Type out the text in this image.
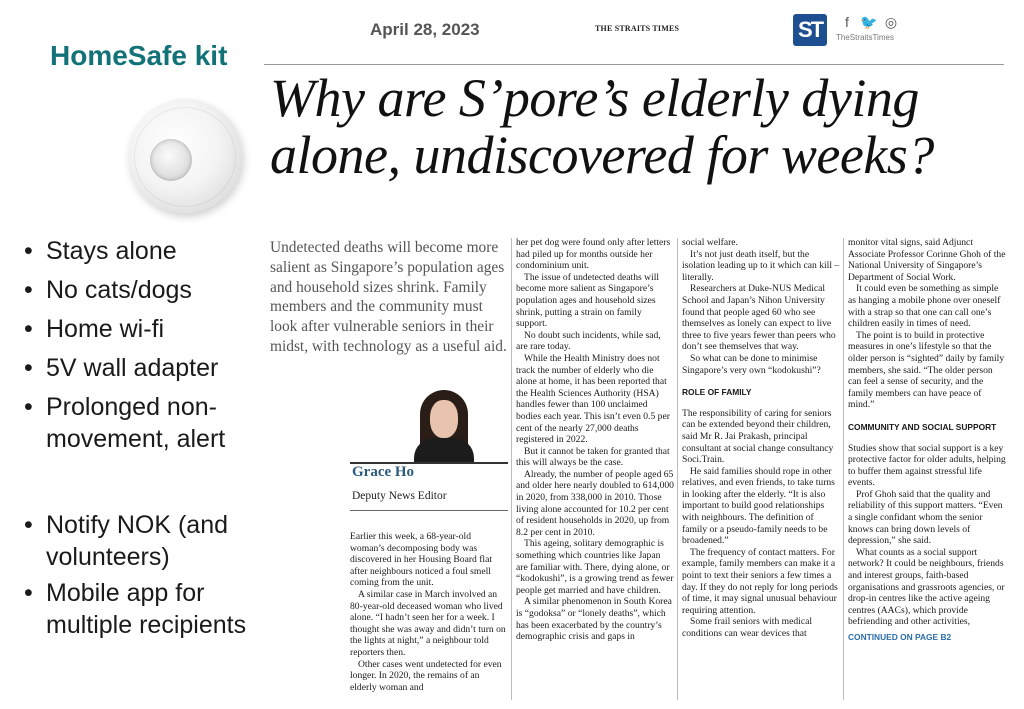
HomeSafe kit
• Stays alone
• No cats/dogs
• Home wi-fi
• 5V wall adapter
• Prolonged non-movement, alert
• Notify NOK (and volunteers)
• Mobile app for multiple recipients
April 28, 2023	THE STRAITS TIMES	ST	f 🐦 ◎
TheStraitsTimes
Why are S’pore’s elderly dying alone, undiscovered for weeks?
Undetected deaths will become more salient as Singapore’s population ages and household sizes shrink. Family members and the community must look after vulnerable seniors in their midst, with technology as a useful aid.
Grace Ho
Deputy News Editor

Earlier this week, a 68-year-old woman’s decomposing body was discovered in her Housing Board flat after neighbours noticed a foul smell coming from the unit.

A similar case in March involved an 80-year-old deceased woman who lived alone. “I hadn’t seen her for a week. I thought she was away and didn’t turn on the lights at night,” a neighbour told reporters then.

Other cases went undetected for even longer. In 2020, the remains of an elderly woman and

her pet dog were found only after letters had piled up for months outside her condominium unit.

The issue of undetected deaths will become more salient as Singapore’s population ages and household sizes shrink, putting a strain on family support.

No doubt such incidents, while sad, are rare today.

While the Health Ministry does not track the number of elderly who die alone at home, it has been reported that the Health Sciences Authority (HSA) handles fewer than 100 unclaimed bodies each year. This isn’t even 0.5 per cent of the nearly 27,000 deaths registered in 2022.

But it cannot be taken for granted that this will always be the case.

Already, the number of people aged 65 and older here nearly doubled to 614,000 in 2020, from 338,000 in 2010. Those living alone accounted for 10.2 per cent of resident households in 2020, up from 8.2 per cent in 2010.

This ageing, solitary demographic is something which countries like Japan are familiar with. There, dying alone, or “kodokushi”, is a growing trend as fewer people get married and have children.

A similar phenomenon in South Korea is “godoksa” or “lonely deaths”, which has been exacerbated by the country’s demographic crisis and gaps in

social welfare.

It’s not just death itself, but the isolation leading up to it which can kill – literally.

Researchers at Duke-NUS Medical School and Japan’s Nihon University found that people aged 60 who see themselves as lonely can expect to live three to five years fewer than peers who don’t see themselves that way.

So what can be done to minimise Singapore’s very own “kodokushi”?

ROLE OF FAMILY

The responsibility of caring for seniors can be extended beyond their children, said Mr R. Jai Prakash, principal consultant at social change consultancy Soci.Train.

He said families should rope in other relatives, and even friends, to take turns in looking after the elderly. “It is also important to build good relationships with neighbours. The definition of family or a pseudo-family needs to be broadened.”

The frequency of contact matters. For example, family members can make it a point to text their seniors a few times a day. If they do not reply for long periods of time, it may signal unusual behaviour requiring attention.

Some frail seniors with medical conditions can wear devices that

monitor vital signs, said Adjunct Associate Professor Corinne Ghoh of the National University of Singapore’s Department of Social Work.

It could even be something as simple as hanging a mobile phone over oneself with a strap so that one can call one’s children easily in times of need.

The point is to build in protective measures in one’s lifestyle so that the older person is “sighted” daily by family members, she said. “The older person can feel a sense of security, and the family members can have peace of mind.”

COMMUNITY AND SOCIAL SUPPORT

Studies show that social support is a key protective factor for older adults, helping to buffer them against stressful life events.

Prof Ghoh said that the quality and reliability of this support matters. “Even a single confidant whom the senior knows can bring down levels of depression,” she said.

What counts as a social support network? It could be neighbours, friends and interest groups, faith-based organisations and grassroots agencies, or drop-in centres like the active ageing centres (AACs), which provide befriending and other activities,

CONTINUED ON PAGE B2
